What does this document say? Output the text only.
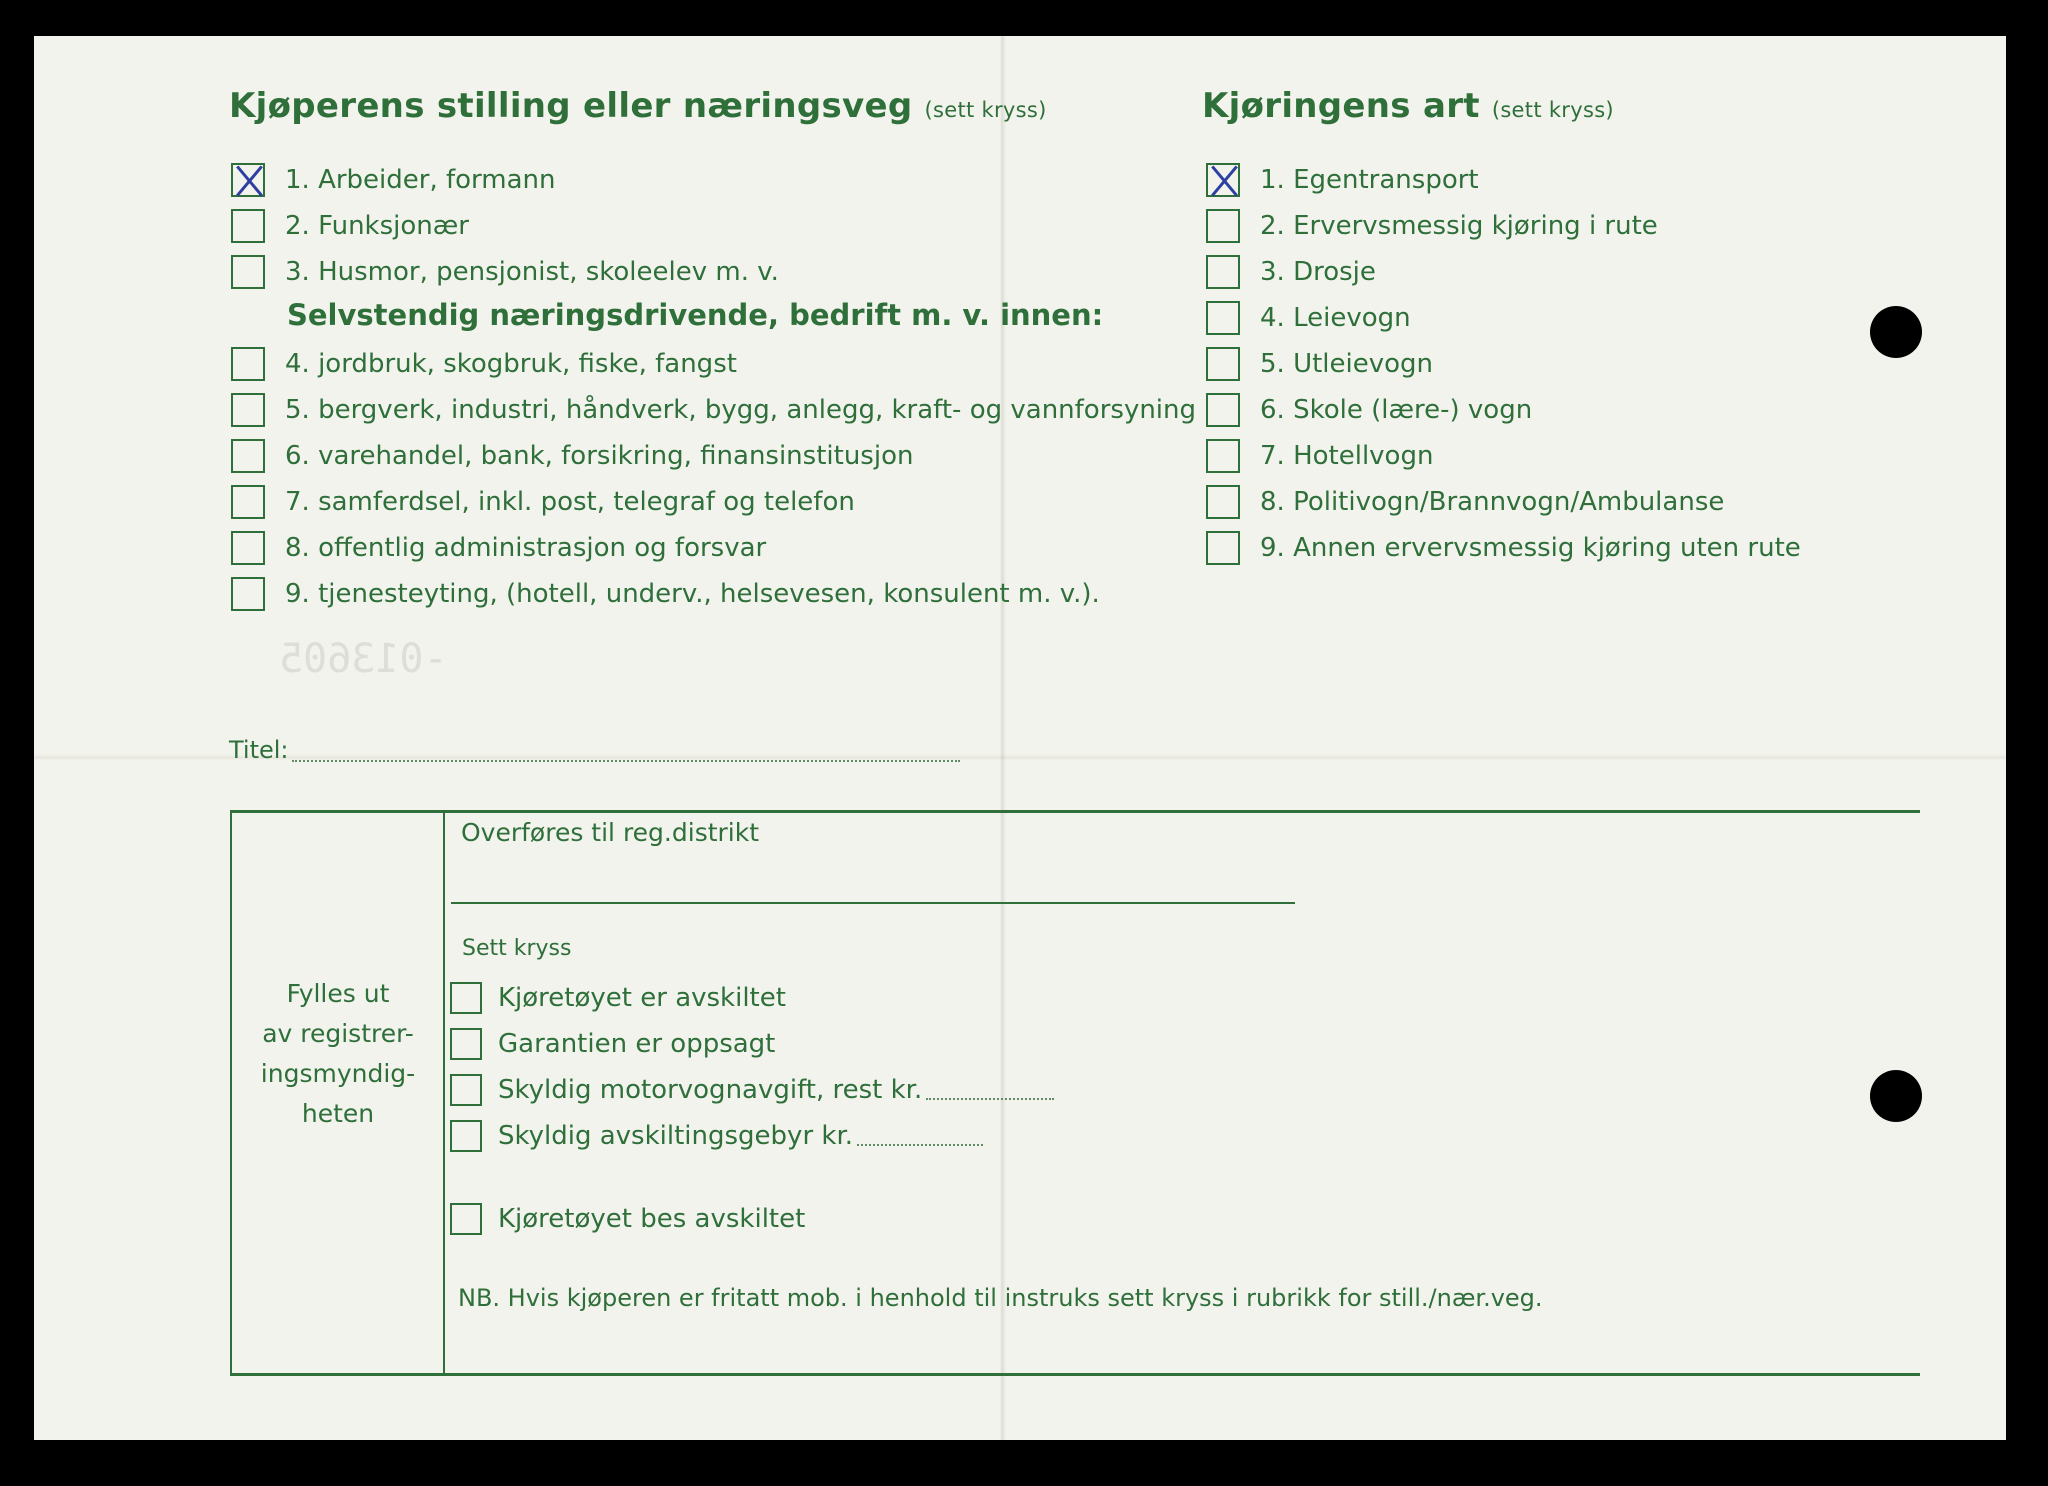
-013605
Kjøperens stilling eller næringsveg (sett kryss)
1. Arbeider, formann
2. Funksjonær
3. Husmor, pensjonist, skoleelev m. v.
Selvstendig næringsdrivende, bedrift m. v. innen:
4. jordbruk, skogbruk, fiske, fangst
5. bergverk, industri, håndverk, bygg, anlegg, kraft- og vannforsyning
6. varehandel, bank, forsikring, finansinstitusjon
7. samferdsel, inkl. post, telegraf og telefon
8. offentlig administrasjon og forsvar
9. tjenesteyting, (hotell, underv., helsevesen, konsulent m. v.).
Titel:
Kjøringens art (sett kryss)
1. Egentransport
2. Ervervsmessig kjøring i rute
3. Drosje
4. Leievogn
5. Utleievogn
6. Skole (lære-) vogn
7. Hotellvogn
8. Politivogn/Brannvogn/Ambulanse
9. Annen ervervsmessig kjøring uten rute
Fylles ut
av registrer-
ingsmyndig-
heten
Overføres til reg.distrikt
Sett kryss
Kjøretøyet er avskiltet
Garantien er oppsagt
Skyldig motorvognavgift, rest kr.
Skyldig avskiltingsgebyr kr.
Kjøretøyet bes avskiltet
NB. Hvis kjøperen er fritatt mob. i henhold til instruks sett kryss i rubrikk for still./nær.veg.
